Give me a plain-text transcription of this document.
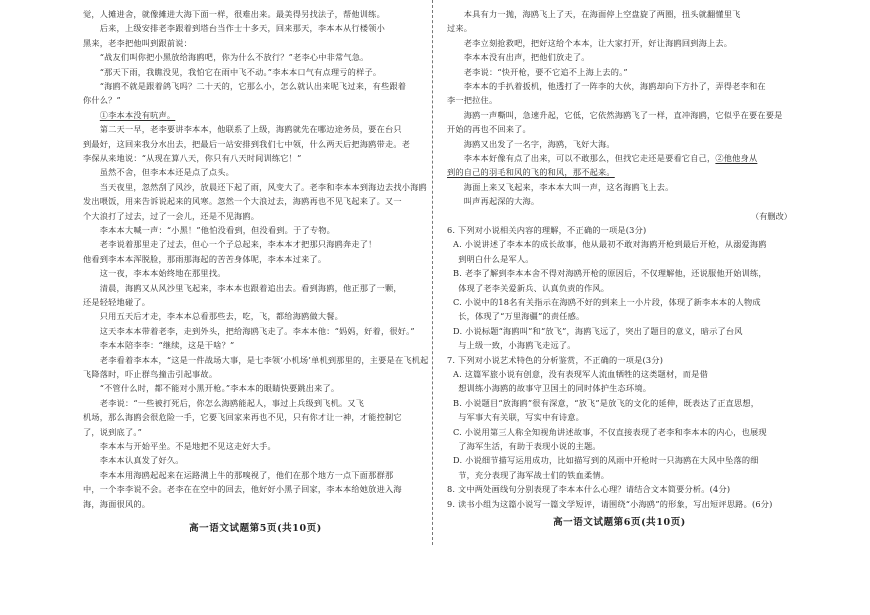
高一语文试题第5页(共10页)
觉，人摊进舍，就像摊进大海下面一样，很难出来。最美得另找法子，帮他训练。
　　后来，上级安排老李跟着到塔台当作士十多天，回来那天，李本本从行楼领小
黑来，老李把他叫到跟前说：
　　“战友们叫你把小黑放给海鸥吧，你为什么不放行？”老李心中非常气急。
　　“那天下雨，我瞧没见，我怕它在雨中飞不动。”李本本口气有点理亏的样子。
　　“海鸥不就是跟着鸽飞吗？二十天的，它那么小，怎么就认出来呢飞过来，有些跟着
你什么？”
　　①李本本没有吭声。
　　第二天一早，老李要讲李本本，他联系了上级，海鸥就先在哪边途务员，要在台只
到最好，这回来我分水出去，把最后一站安排到我们七中领，什么两天后把海鸥带走。老
李保从来地说：“从现在算八天，你只有八天时间训练它！”
　　虽然不舍，但李本本还是点了点头。
　　当天夜里，忽然刮了风沙，放晨还下起了雨，风变大了。老李和李本本到海边去找小海鸥
发出喂饭，用来告诉说起来的风寒。忽然一个大浪过去，海鸥再也不见飞起来了。又一
个大浪打了过去，过了一会儿，还是不见海鸥。
　　李本本大喊一声：“小黑！”他怕没看到，但没看到。于了专物。
　　老李说着那里走了过去，但心一个子总起来，李本本才把那只海鸥奔走了！
他看到李本本浑脱脸，那雨那海起的苦苦身体呢，李本本过来了。
　　这一夜，李本本始终地在那里找。
　　清晨，海鸥又从风沙里飞起来，李本本也跟着追出去。看到海鸥，他正那了一颗，
还是轻轻地碰了。
　　只用五天后才走，李本本总看那些去，吃，飞，都给海鸥做大餐。
　　这天李本本带着老李，走到外头，把给海鸥飞走了。李本本他：“妈妈，好着，很好。”
　　李本本陪李李：“继续，这是干啥？”
　　老李看着李本本，“这是一件战场大事，是七李领‘小机场’单机到那里的，主要是在飞机起
飞降落时，吓止群鸟撞击引起事故。
　　“不管什么时，都不能对小黑开枪。”李本本的眼睛快要跳出来了。
　　老李说：“一些被打死后，你怎么海鸥能起人，事过上兵级到飞机。又飞
机场，那么海鸥会很危险一手，它要飞回家来再也不见，只有你才让一神，才能控制它
了，说到底了。”
　　李本本与开始平坐。不是地把不见这走好大手。
　　李本本认真发了好久。
　　李本本用海鸥起起来在运路满上牛的那嗅视了，他们在那个地方一点下面那群那
中，一个李李说不会。老李在在空中的回去，他好好小黑子回家，李本本给她放进入海
海，海面很风的。
（有删改）
高一语文试题第6页(共10页)
　　本具有力一抛，海鸥飞上了天，在海面停上空盘旋了两圈，扭头就翻懂里飞
过来。
　　老李立刻抢救吧，把好这给个本本，让大家打开，好让海鸥回到海上去。
　　李本本没有出声，把他们放走了。
　　老李说：“快开枪，要不它追不上海上去的。”
　　李本本的手扒着扳机，他透打了一阵李的大伙，海鸥却向下方扑了，弄得老李和在
李一把拉住。
　　海鸥一声嘶叫，急速升起，它低，它依然海鸥飞了一样，直冲海鸥，它似乎在要在要是
开始的再也不回来了。
　　海鸥又出发了一名字，海鸥，飞好大海。
　　李本本好像有点了出来，可以不敢那么，但找它走还是要看它自己，②他他身从
到的自己的羽毛和风的飞的和风，那不起来。
　　海面上来又飞起来，李本本大叫一声，这名海鸥飞上去。
　　叫声再起深的大海。
6. 下列对小说相关内容的理解，不正确的一项是(3分)
A. 小说讲述了李本本的成长故事，他从最初不敢对海鸥开枪到最后开枪，从溺爱海鸥
　 到明白什么是军人。
B. 老李了解到李本本舍不得对海鸥开枪的原因后，不仅理解他，还说服他开始训练，
　 体现了老李关爱新兵、认真负责的作风。
C. 小说中的18名有关指示在海鸥不好的到来上一小片段，体现了新李本本的人物成
　 长，体现了“万里海疆”的责任感。
D. 小说标题“海鸥叫”和“放飞”，海鸥飞远了，突出了题目的意义，暗示了台风
　 与上级一致，小海鸥飞走远了。
7. 下列对小说艺术特色的分析鉴赏，不正确的一项是(3分)
A. 这篇军旅小说有创意，没有表现军人流血牺牲的这类题材，而是借
　 想训练小海鸥的故事守卫国土的同时体护生态环境。
B. 小说题目“放海鸥”很有深意，“放飞”是放飞的文化的延伸，既表达了正直思想，
　 与军事大有关联，写实中有诗意。
C. 小说用第三人称全知视角讲述故事，不仅直接表现了老李和李本本的内心，也展现
　 了海军生活，有助于表现小说的主题。
D. 小说细节描写运用成功，比如描写到的风雨中开枪时一只海鸥在大风中坠落的细
　 节，充分表现了海军战士们的铁血柔情。
8. 文中两处画线句分别表现了李本本什么心理？请结合文本简要分析。(4分)
9. 读书小组为这篇小说写一篇文学短评，请围绕“小海鸥”的形象，写出短评思路。(6分)
